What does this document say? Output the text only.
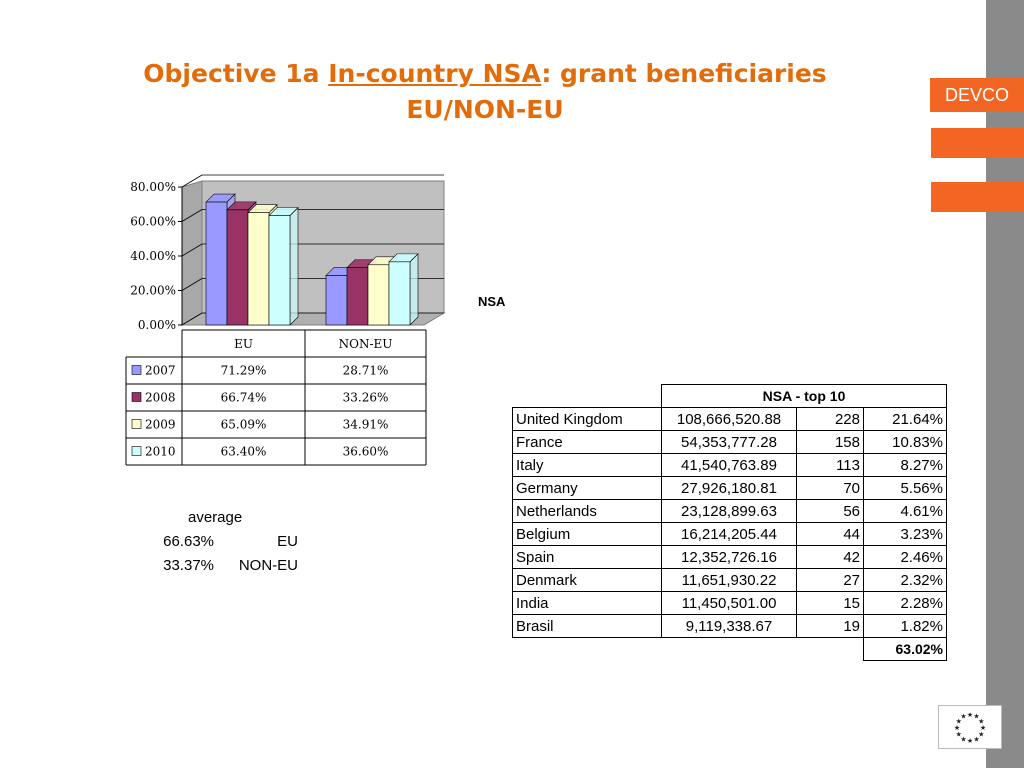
DEVCO
Objective 1a In-country NSA: grant beneficiaries
EU/NON-EU
0.00%
20.00%
40.00%
60.00%
80.00%
EU	NON-EU
2007	71.29%	28.71%
2008	66.74%	33.26%
2009	65.09%	34.91%
2010	63.40%	36.60%
average
66.63%	EU
33.37%	NON-EU
NSA
	NSA - top 10		
United Kingdom	108,666,520.88	228	21.64%
France	54,353,777.28	158	10.83%
Italy	41,540,763.89	113	8.27%
Germany	27,926,180.81	70	5.56%
Netherlands	23,128,899.63	56	4.61%
Belgium	16,214,205.44	44	3.23%
Spain	12,352,726.16	42	2.46%
Denmark	11,651,930.22	27	2.32%
India	11,450,501.00	15	2.28%
Brasil	9,119,338.67	19	1.82%
			63.02%
★
★
★
★
★
★
★
★
★ ★ ★
★
